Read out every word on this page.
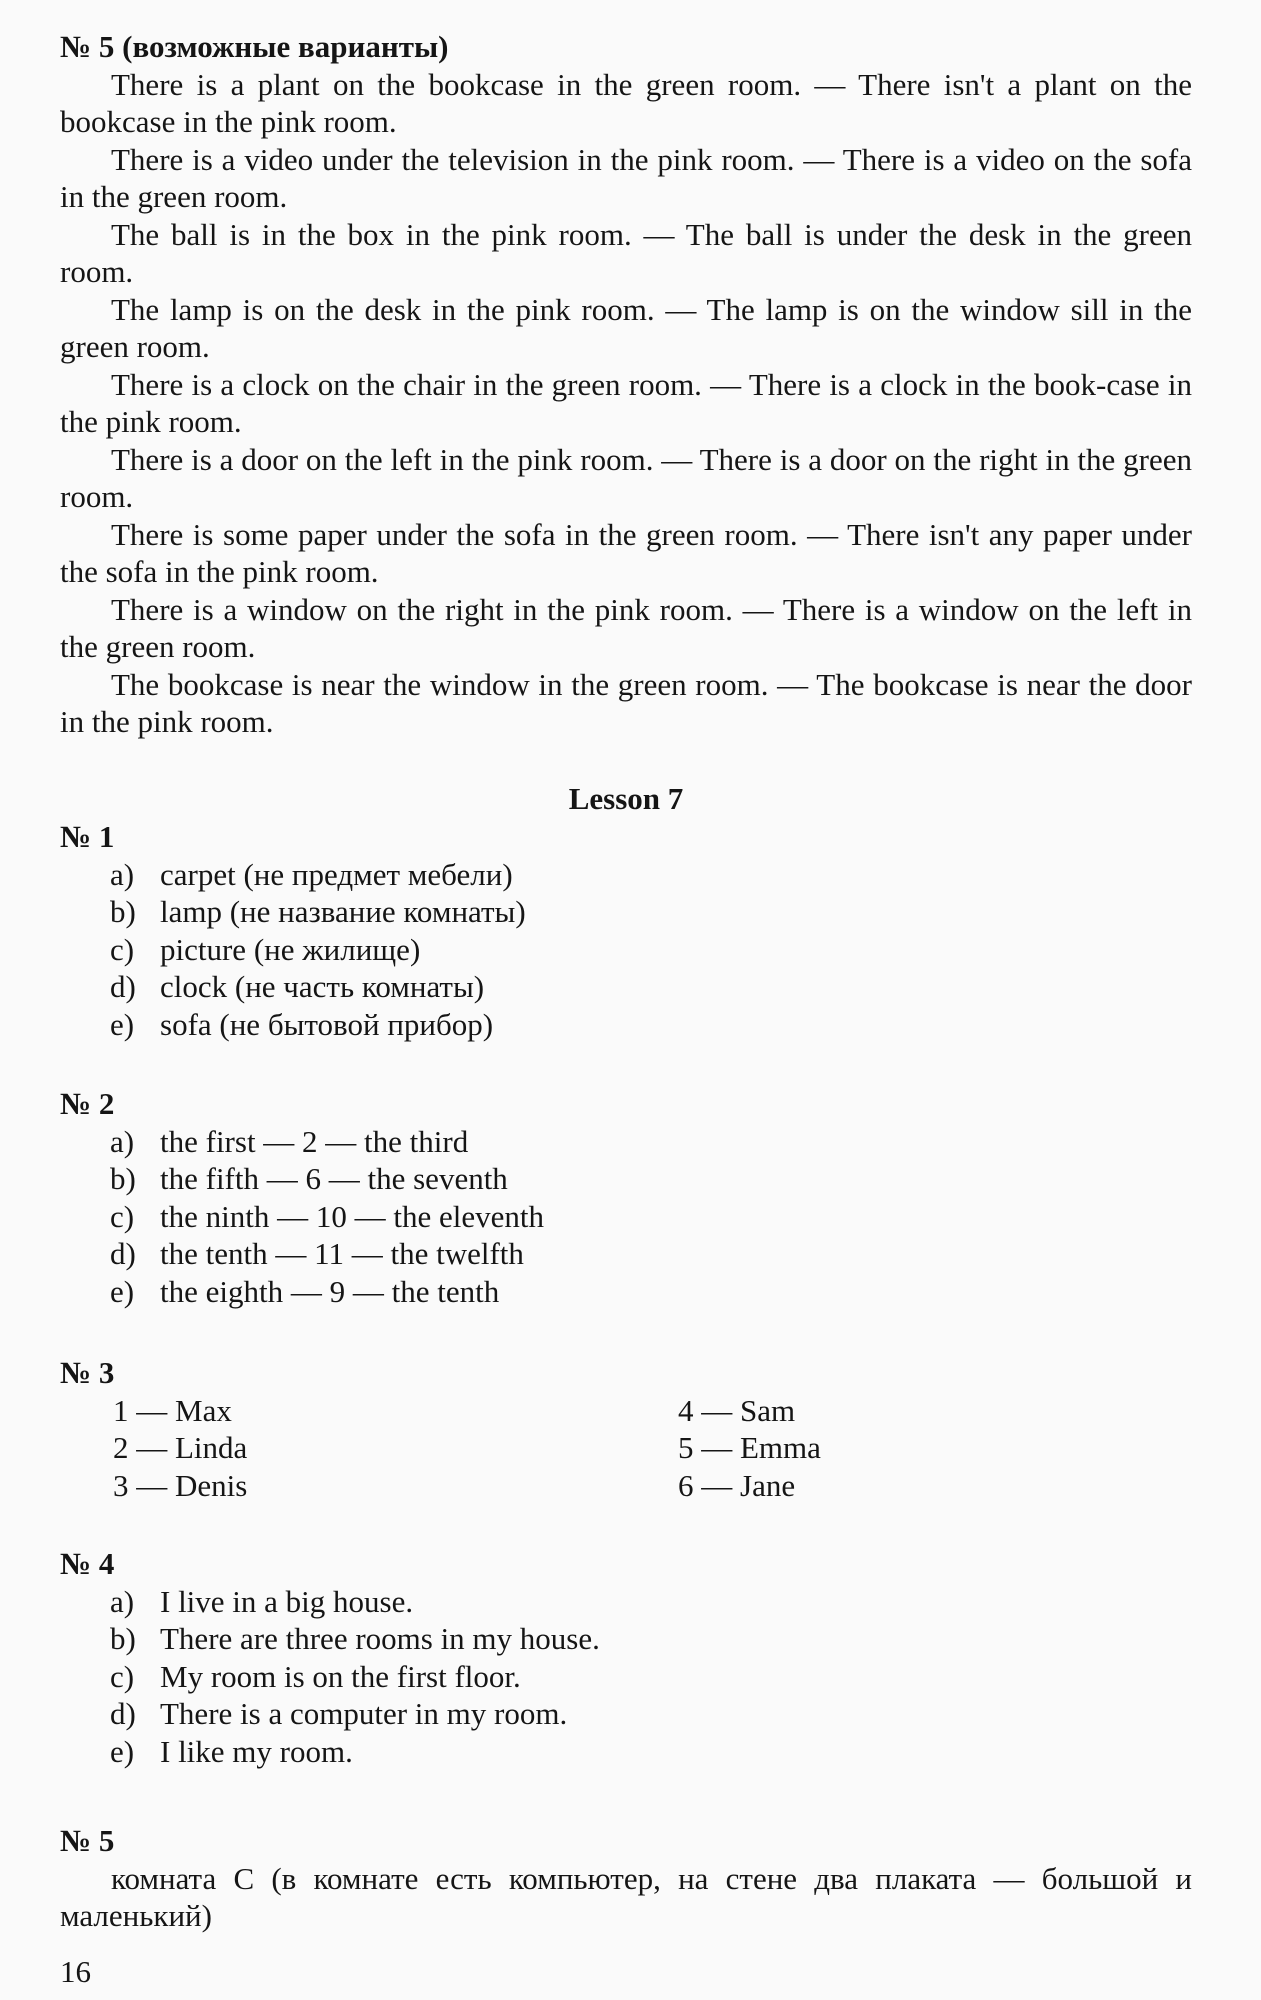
№ 5 (возможные варианты)
There is a plant on the bookcase in the green room. — There isn't a plant on the bookcase in the pink room.
There is a video under the television in the pink room. — There is a video on the sofa in the green room.
The ball is in the box in the pink room. — The ball is under the desk in the green room.
The lamp is on the desk in the pink room. — The lamp is on the window sill in the green room.
There is a clock on the chair in the green room. — There is a clock in the book-case in the pink room.
There is a door on the left in the pink room. — There is a door on the right in the green room.
There is some paper under the sofa in the green room. — There isn't any paper under the sofa in the pink room.
There is a window on the right in the pink room. — There is a window on the left in the green room.
The bookcase is near the window in the green room. — The bookcase is near the door in the pink room.
Lesson 7
№ 1
a) carpet (не предмет мебели)
b) lamp (не название комнаты)
c) picture (не жилище)
d) clock (не часть комнаты)
e) sofa (не бытовой прибор)
№ 2
a) the first — 2 — the third
b) the fifth — 6 — the seventh
c) the ninth — 10 — the eleventh
d) the tenth — 11 — the twelfth
e) the eighth — 9 — the tenth
№ 3
1 — Max
2 — Linda
3 — Denis
4 — Sam
5 — Emma
6 — Jane
№ 4
a) I live in a big house.
b) There are three rooms in my house.
c) My room is on the first floor.
d) There is a computer in my room.
e) I like my room.
№ 5
комната C (в комнате есть компьютер, на стене два плаката — большой и маленький)
16
